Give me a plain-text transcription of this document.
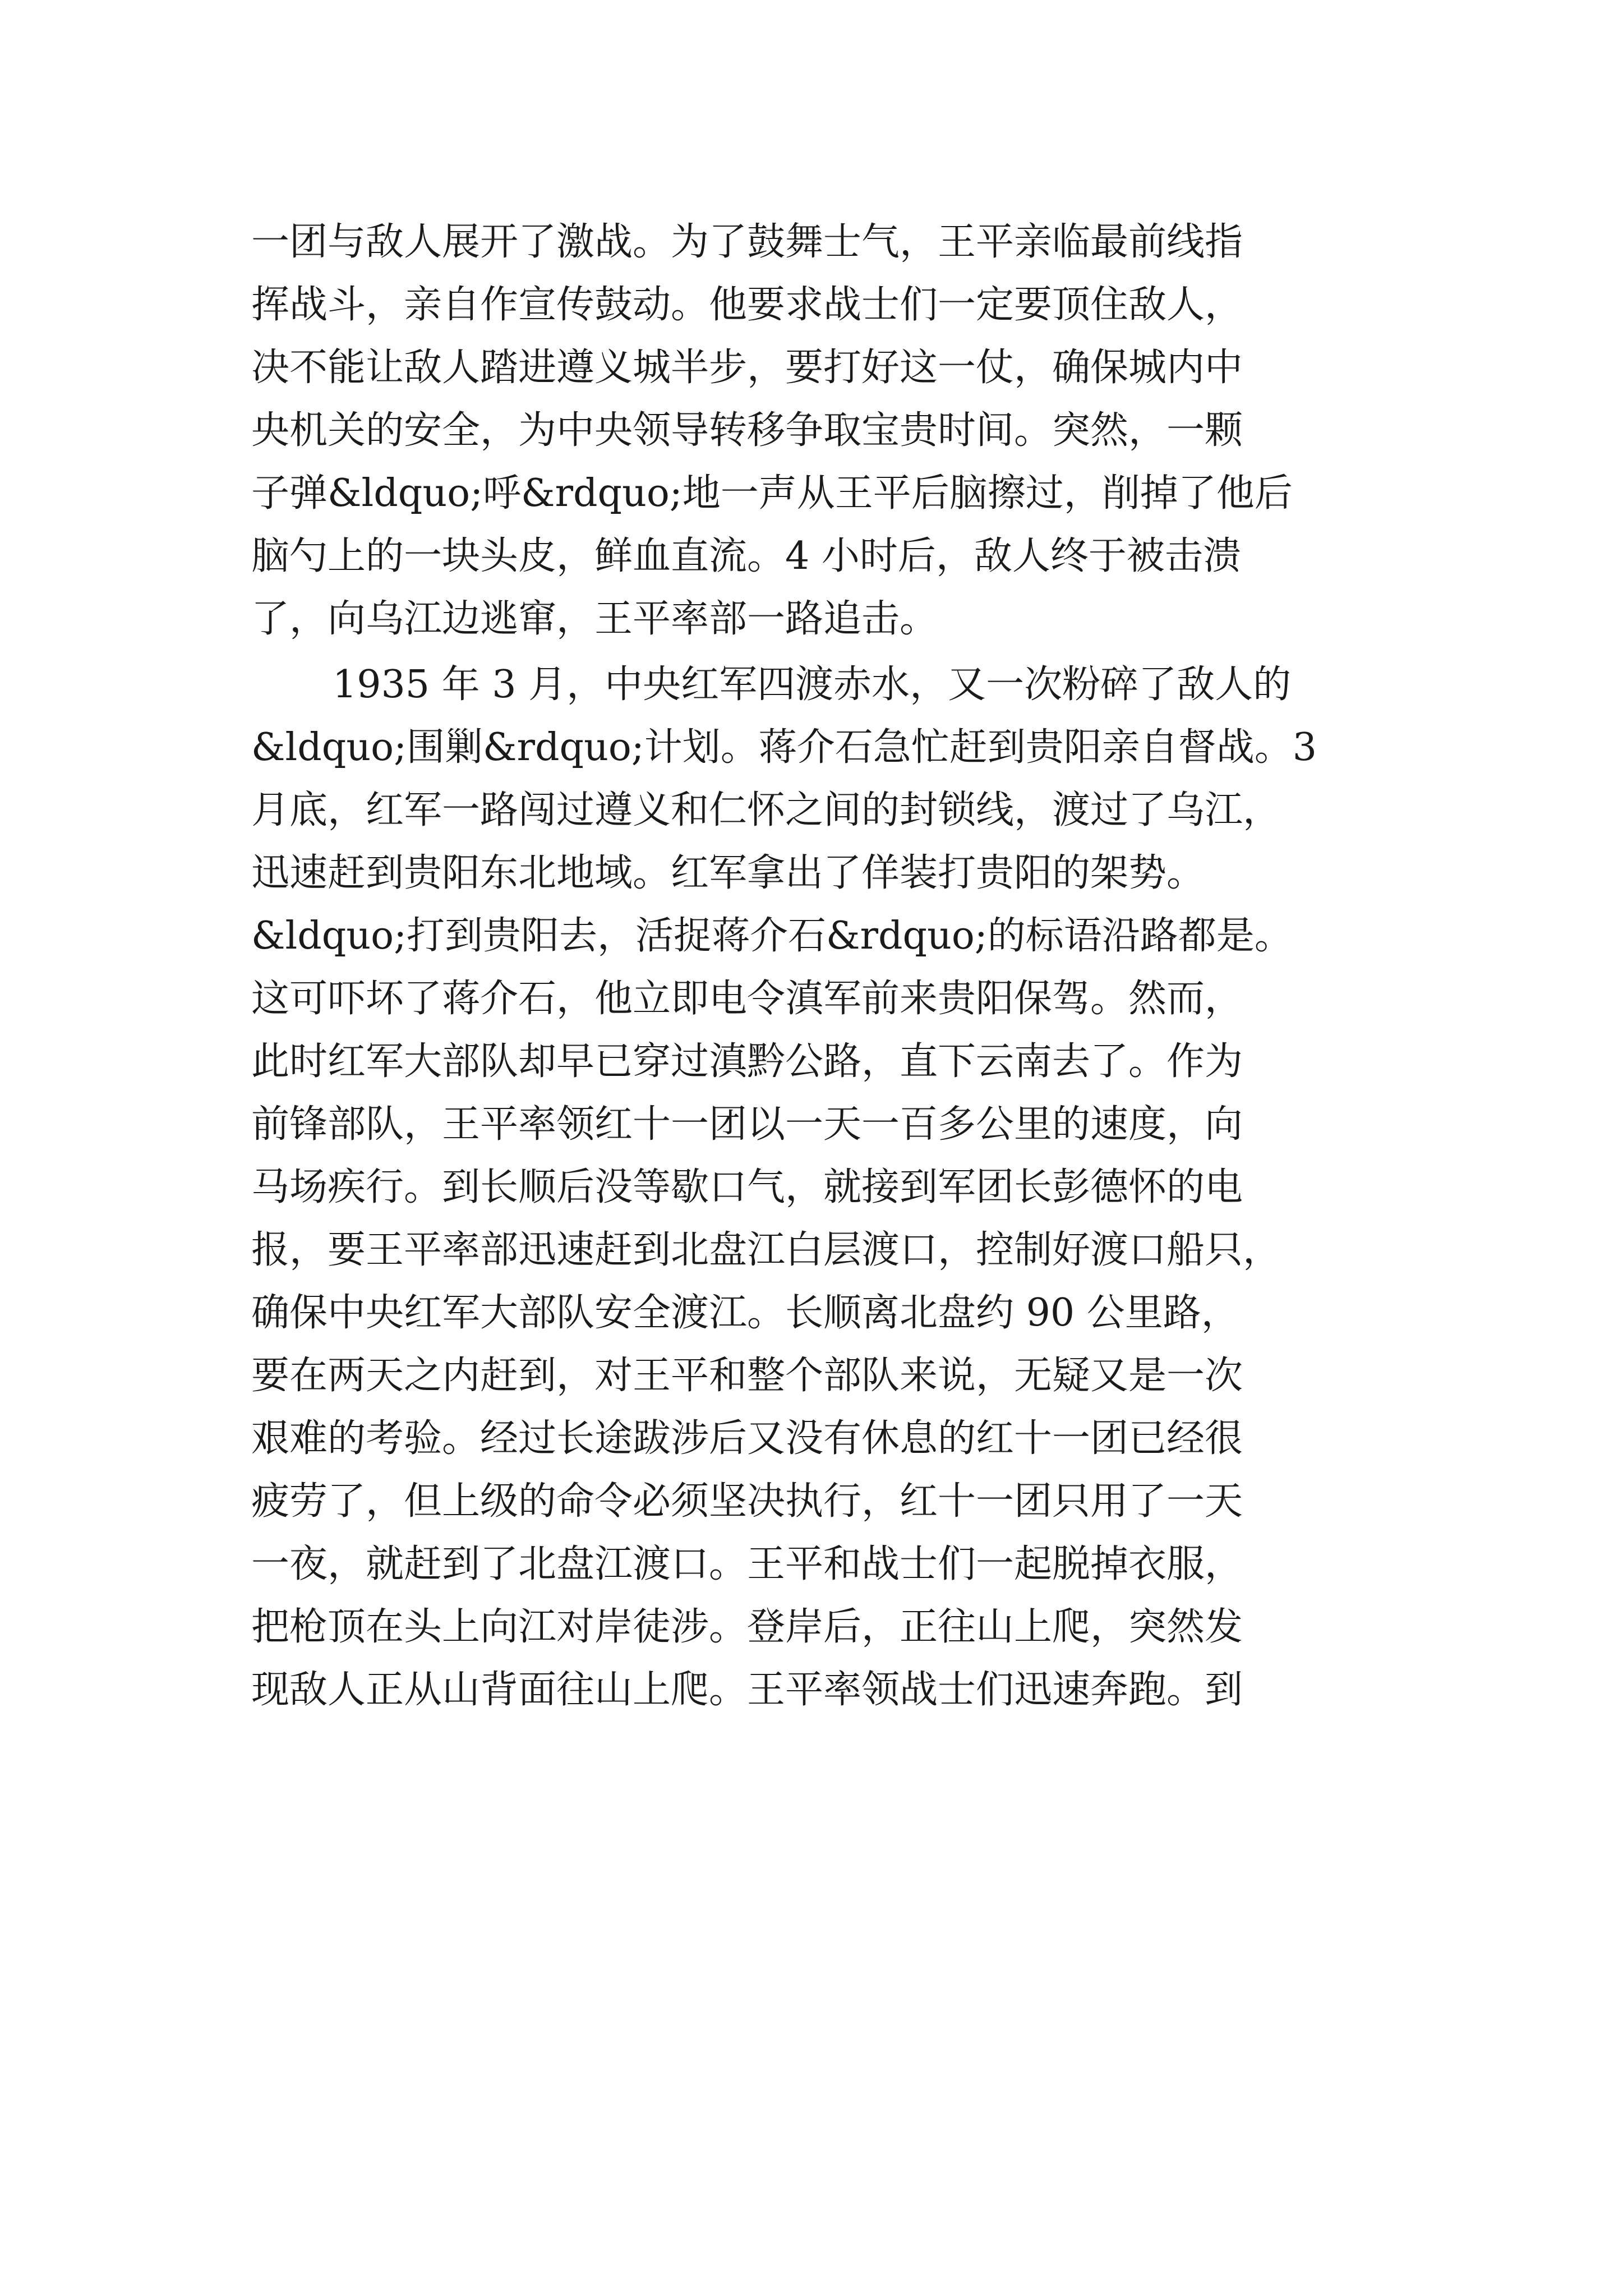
一团与敌人展开了激战。为了鼓舞士气，王平亲临最前线指
挥战斗，亲自作宣传鼓动。他要求战士们一定要顶住敌人，
决不能让敌人踏进遵义城半步，要打好这一仗，确保城内中
央机关的安全，为中央领导转移争取宝贵时间。突然，一颗
子弹&ldquo;呼&rdquo;地一声从王平后脑擦过，削掉了他后
脑勺上的一块头皮，鲜血直流。4 小时后，敌人终于被击溃
了，向乌江边逃窜，王平率部一路追击。
1935 年 3 月，中央红军四渡赤水，又一次粉碎了敌人的
&ldquo;围剿&rdquo;计划。蒋介石急忙赶到贵阳亲自督战。3
月底，红军一路闯过遵义和仁怀之间的封锁线，渡过了乌江，
迅速赶到贵阳东北地域。红军拿出了佯装打贵阳的架势。
&ldquo;打到贵阳去，活捉蒋介石&rdquo;的标语沿路都是。
这可吓坏了蒋介石，他立即电令滇军前来贵阳保驾。然而，
此时红军大部队却早已穿过滇黔公路，直下云南去了。作为
前锋部队，王平率领红十一团以一天一百多公里的速度，向
马场疾行。到长顺后没等歇口气，就接到军团长彭德怀的电
报，要王平率部迅速赶到北盘江白层渡口，控制好渡口船只，
确保中央红军大部队安全渡江。长顺离北盘约 90 公里路，
要在两天之内赶到，对王平和整个部队来说，无疑又是一次
艰难的考验。经过长途跋涉后又没有休息的红十一团已经很
疲劳了，但上级的命令必须坚决执行，红十一团只用了一天
一夜，就赶到了北盘江渡口。王平和战士们一起脱掉衣服，
把枪顶在头上向江对岸徒涉。登岸后，正往山上爬，突然发
现敌人正从山背面往山上爬。王平率领战士们迅速奔跑。到
